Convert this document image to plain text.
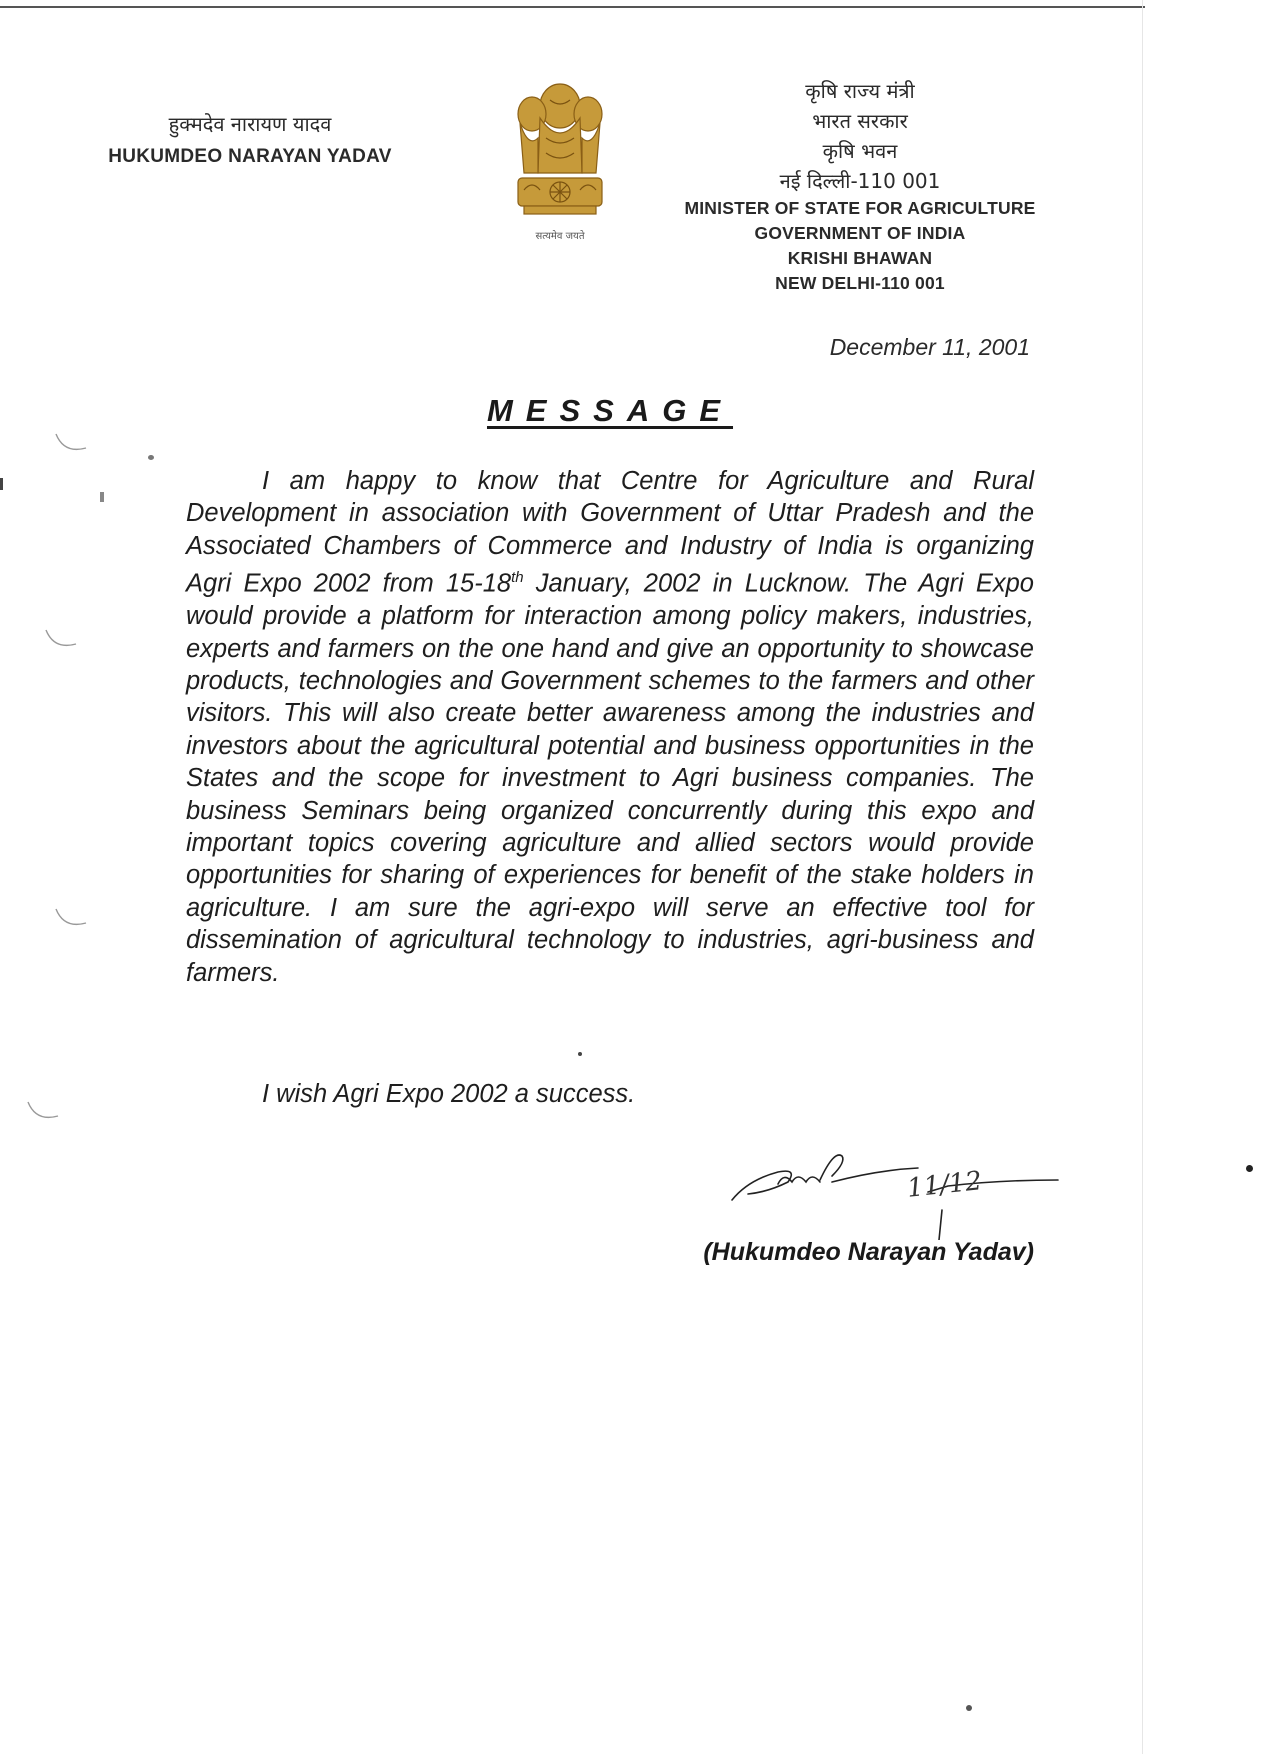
हुक्मदेव नारायण यादव
HUKUMDEO NARAYAN YADAV
सत्यमेव जयते
कृषि राज्य मंत्री
भारत सरकार
कृषि भवन
नई दिल्ली-110 001
MINISTER OF STATE FOR AGRICULTURE
GOVERNMENT OF INDIA
KRISHI BHAWAN
NEW DELHI-110 001
December 11, 2001
MESSAGE

I am happy to know that Centre for Agriculture and Rural Development in association with Government of Uttar Pradesh and the Associated Chambers of Commerce and Industry of India is organizing Agri Expo 2002 from 15-18th January, 2002 in Lucknow. The Agri Expo would provide a platform for interaction among policy makers, industries, experts and farmers on the one hand and give an opportunity to showcase products, technologies and Government schemes to the farmers and other visitors. This will also create better awareness among the industries and investors about the agricultural potential and business opportunities in the States and the scope for investment to Agri business companies. The business Seminars being organized concurrently during this expo and important topics covering agriculture and allied sectors would provide opportunities for sharing of experiences for benefit of the stake holders in agriculture. I am sure the agri-expo will serve an effective tool for dissemination of agricultural technology to industries, agri-business and farmers.

I wish Agri Expo 2002 a success.

11/12
(Hukumdeo Narayan Yadav)
